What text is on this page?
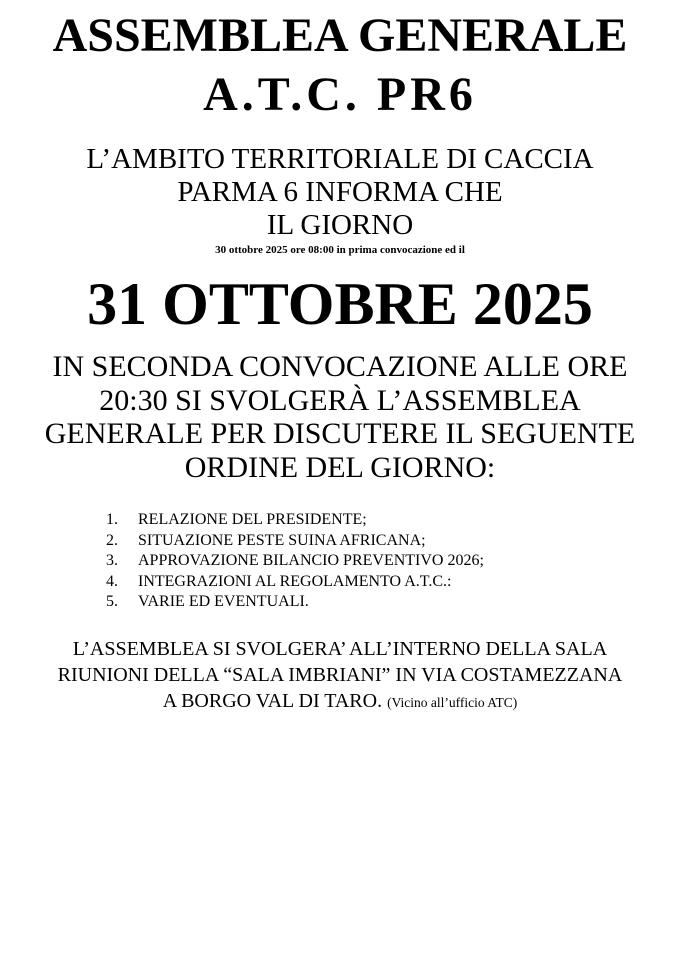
ASSEMBLEA GENERALE
A.T.C. PR6
L’AMBITO TERRITORIALE DI CACCIA
PARMA 6 INFORMA CHE
IL GIORNO
30 ottobre 2025 ore 08:00 in prima convocazione ed il
31 OTTOBRE 2025
IN SECONDA CONVOCAZIONE ALLE ORE
20:30 SI SVOLGERÀ L’ASSEMBLEA
GENERALE PER DISCUTERE IL SEGUENTE
ORDINE DEL GIORNO:
1.	RELAZIONE DEL PRESIDENTE;
2.	SITUAZIONE PESTE SUINA AFRICANA;
3.	APPROVAZIONE BILANCIO PREVENTIVO 2026;
4.	INTEGRAZIONI AL REGOLAMENTO A.T.C.:
5.	VARIE ED EVENTUALI.
L’ASSEMBLEA SI SVOLGERA’ ALL’INTERNO DELLA SALA
RIUNIONI DELLA “SALA IMBRIANI” IN VIA COSTAMEZZANA
A BORGO VAL DI TARO. (Vicino all’ufficio ATC)
